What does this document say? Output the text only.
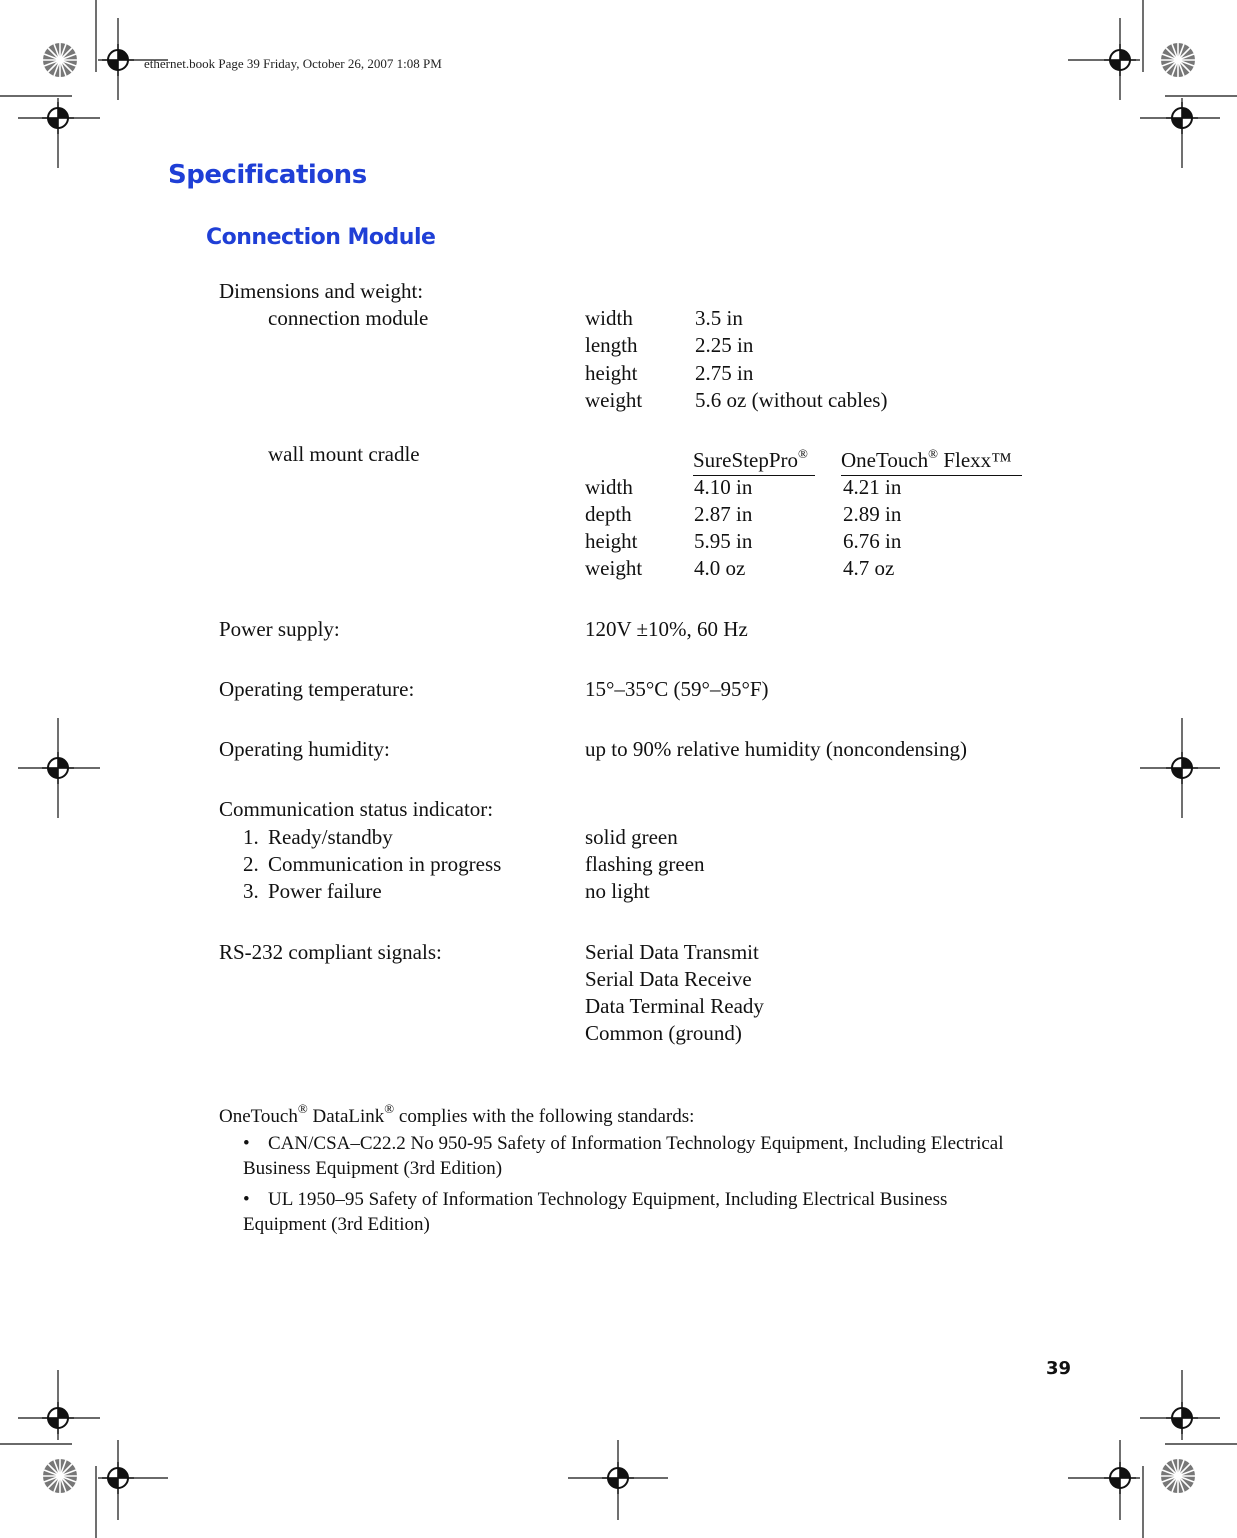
ethernet.book Page 39 Friday, October 26, 2007 1:08 PM
Specifications
Connection Module
Dimensions and weight:
connection module	width	3.5 in
length	2.25 in
height	2.75 in
weight	5.6 oz (without cables)
wall mount cradle	SureStepPro®	OneTouch® Flexx™
width	4.10 in	4.21 in
depth	2.87 in	2.89 in
height	5.95 in	6.76 in
weight 4.0 oz	4.7 oz
Power supply:	120V ±10%, 60 Hz
Operating temperature:	15°–35°C (59°–95°F)
Operating humidity:	up to 90% relative humidity (noncondensing)
Communication status indicator:
1. Ready/standby	solid green
2. Communication in progress	flashing green
3. Power failure	no light
RS-232 compliant signals:	Serial Data Transmit
Serial Data Receive
Data Terminal Ready
Common (ground)
OneTouch® DataLink® complies with the following standards:
• CAN/CSA–C22.2 No 950-95 Safety of Information Technology Equipment, Including Electrical
Business Equipment (3rd Edition)
• UL 1950–95 Safety of Information Technology Equipment, Including Electrical Business
Equipment (3rd Edition)
39
